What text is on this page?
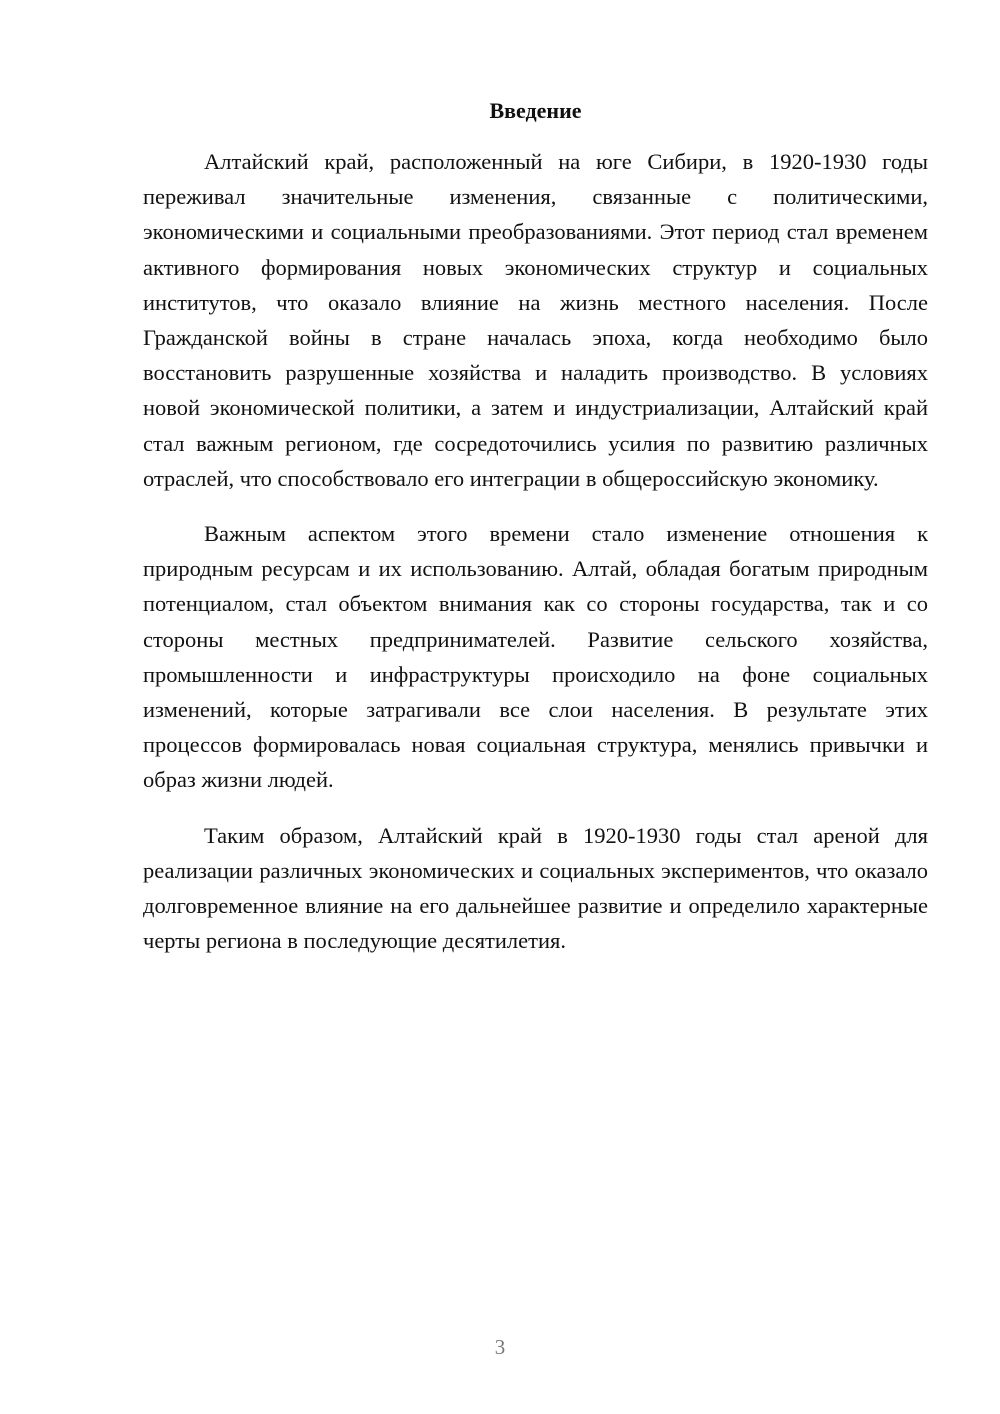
Введение

Алтайский край, расположенный на юге Сибири, в 1920-1930 годы переживал значительные изменения, связанные с политическими, экономическими и социальными преобразованиями. Этот период стал временем активного формирования новых экономических структур и социальных институтов, что оказало влияние на жизнь местного населения. После Гражданской войны в стране началась эпоха, когда необходимо было восстановить разрушенные хозяйства и наладить производство. В условиях новой экономической политики, а затем и индустриализации, Алтайский край стал важным регионом, где сосредоточились усилия по развитию различных отраслей, что способствовало его интеграции в общероссийскую экономику.

Важным аспектом этого времени стало изменение отношения к природным ресурсам и их использованию. Алтай, обладая богатым природным потенциалом, стал объектом внимания как со стороны государства, так и со стороны местных предпринимателей. Развитие сельского хозяйства, промышленности и инфраструктуры происходило на фоне социальных изменений, которые затрагивали все слои населения. В результате этих процессов формировалась новая социальная структура, менялись привычки и образ жизни людей.

Таким образом, Алтайский край в 1920-1930 годы стал ареной для реализации различных экономических и социальных экспериментов, что оказало долговременное влияние на его дальнейшее развитие и определило характерные черты региона в последующие десятилетия.

3
